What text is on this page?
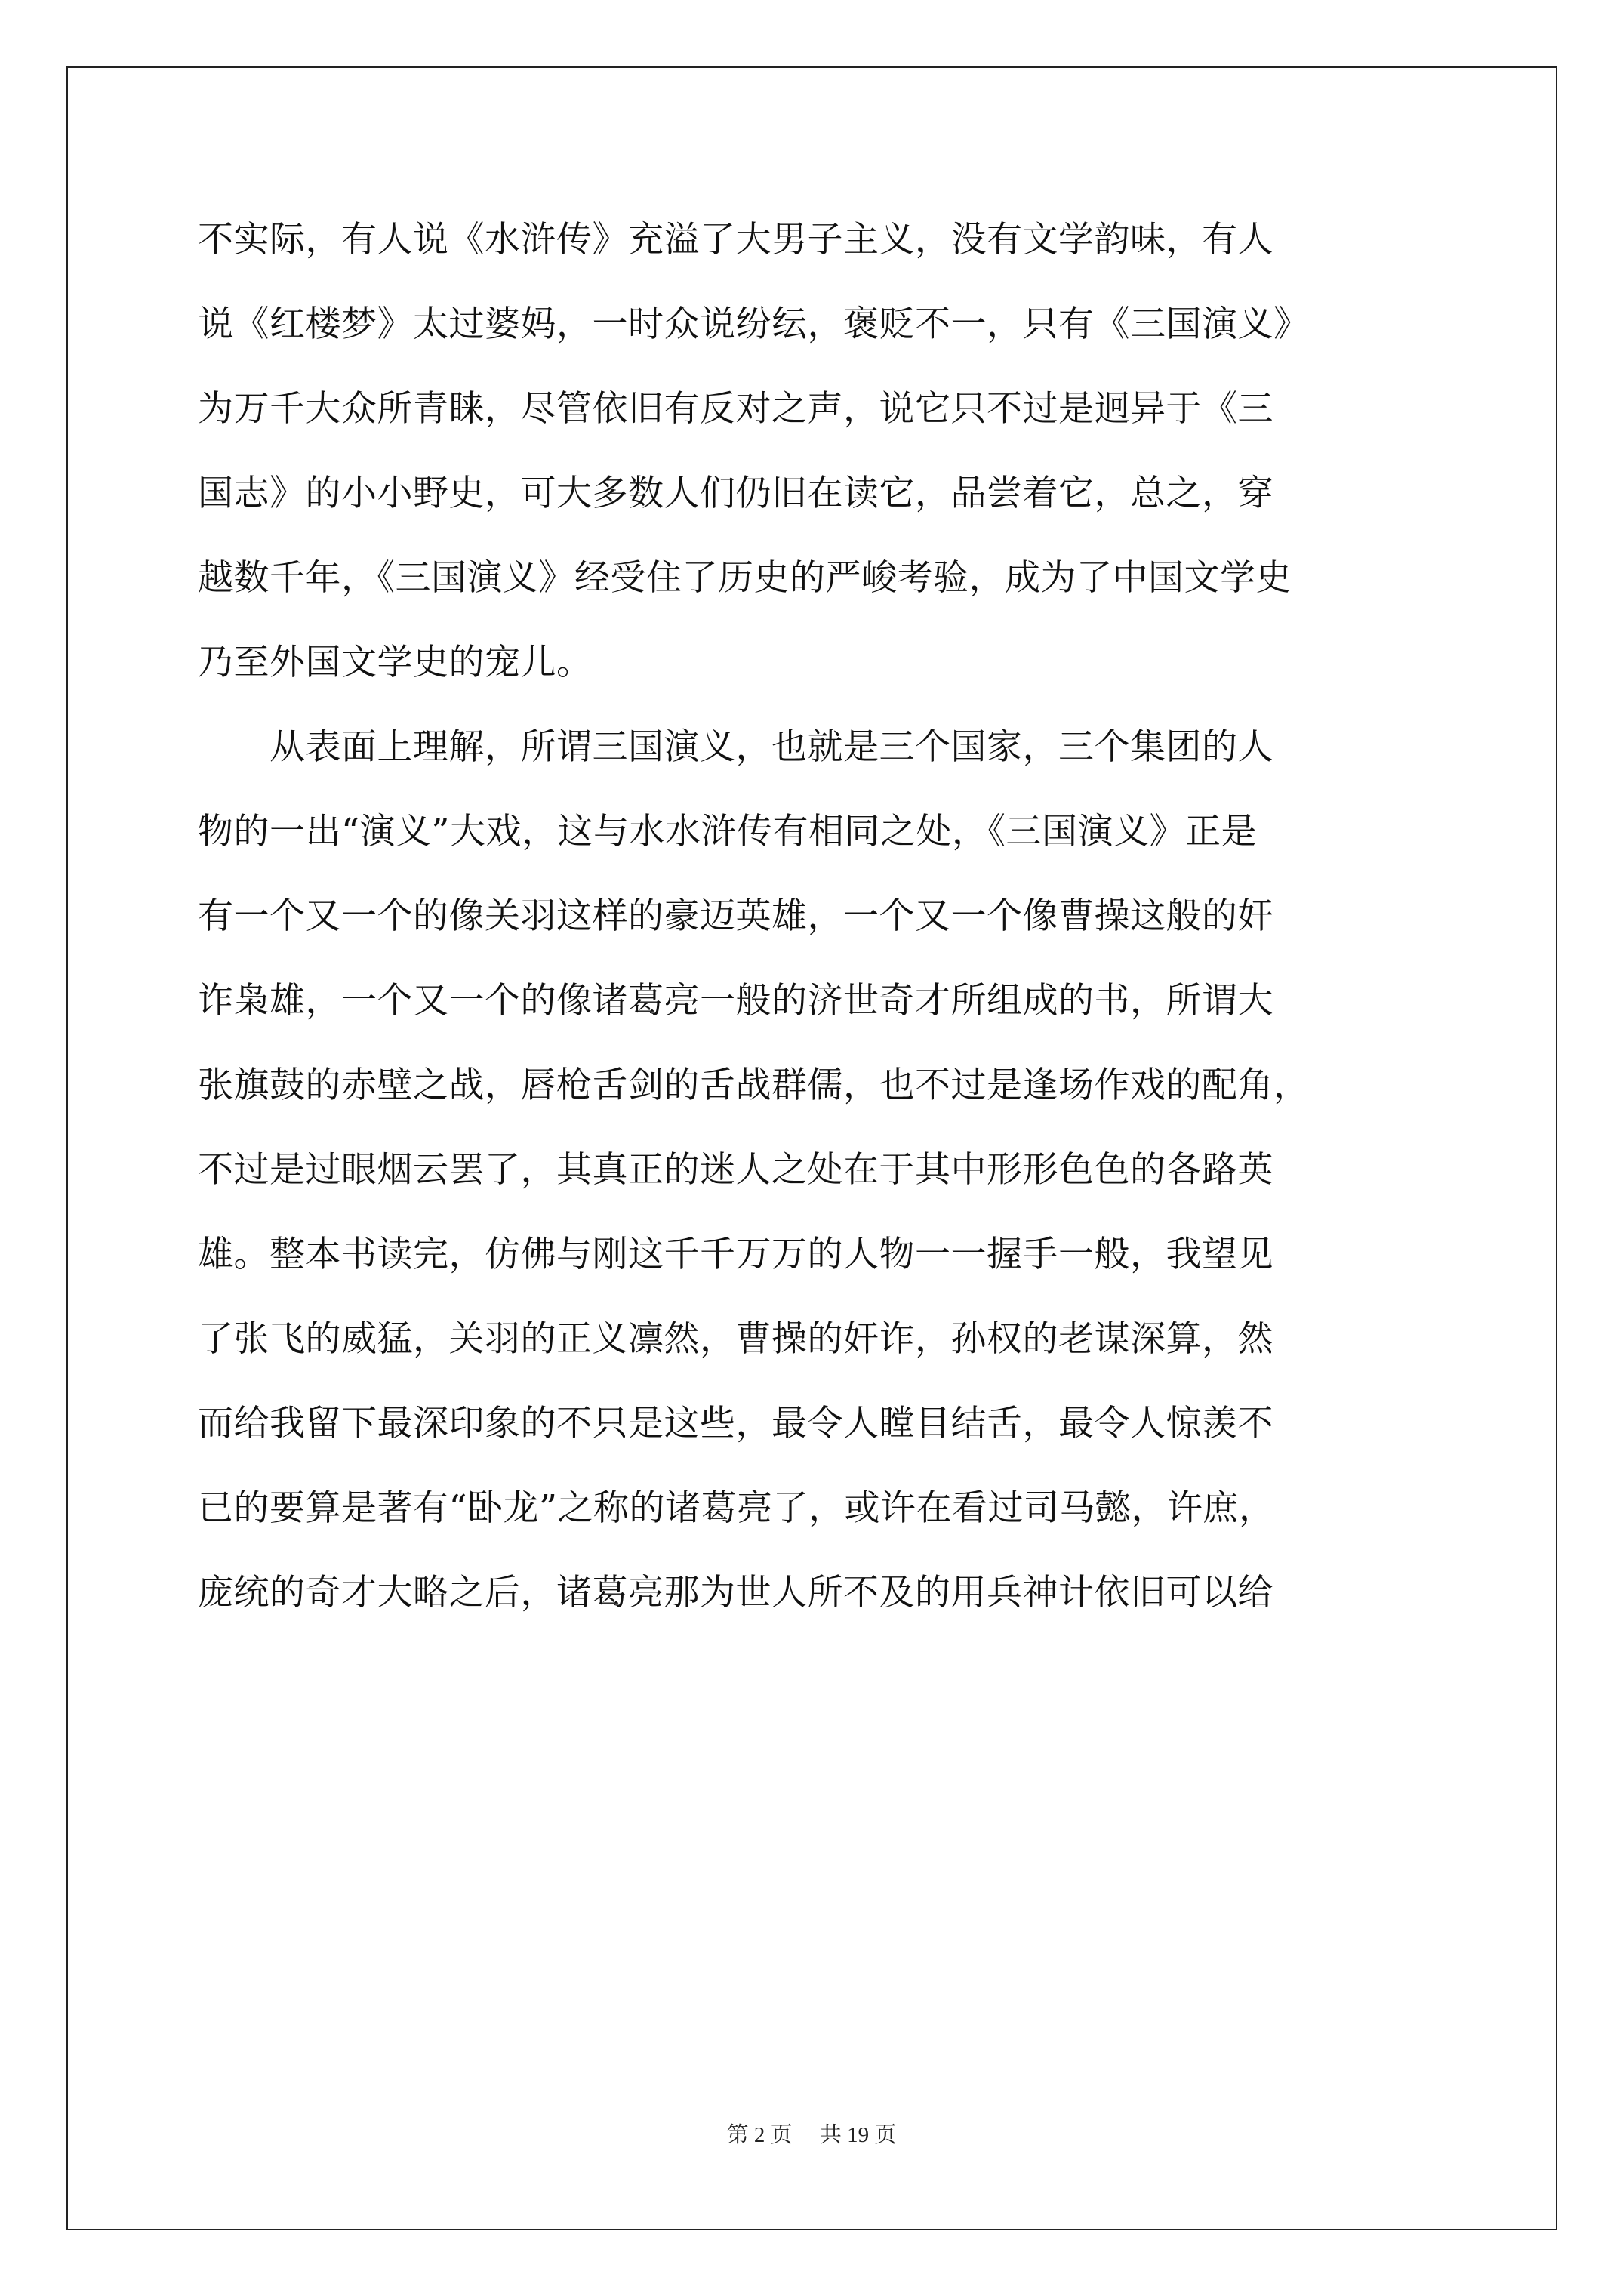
不实际，有人说《水浒传》充溢了大男子主义，没有文学韵味，有人
说《红楼梦》太过婆妈，一时众说纷纭，褒贬不一，只有《三国演义》
为万千大众所青睐，尽管依旧有反对之声，说它只不过是迥异于《三
国志》的小小野史，可大多数人们仍旧在读它，品尝着它，总之，穿
越数千年，《三国演义》经受住了历史的严峻考验，成为了中国文学史
乃至外国文学史的宠儿。
　　从表面上理解，所谓三国演义，也就是三个国家，三个集团的人
物的一出“演义”大戏，这与水水浒传有相同之处，《三国演义》正是
有一个又一个的像关羽这样的豪迈英雄，一个又一个像曹操这般的奸
诈枭雄，一个又一个的像诸葛亮一般的济世奇才所组成的书，所谓大
张旗鼓的赤壁之战，唇枪舌剑的舌战群儒，也不过是逢场作戏的配角，
不过是过眼烟云罢了，其真正的迷人之处在于其中形形色色的各路英
雄。整本书读完，仿佛与刚这千千万万的人物一一握手一般，我望见
了张飞的威猛，关羽的正义凛然，曹操的奸诈，孙权的老谋深算，然
而给我留下最深印象的不只是这些，最令人瞠目结舌，最令人惊羡不
已的要算是著有“卧龙”之称的诸葛亮了，或许在看过司马懿，许庶，
庞统的奇才大略之后，诸葛亮那为世人所不及的用兵神计依旧可以给
第 2 页　 共 19 页
